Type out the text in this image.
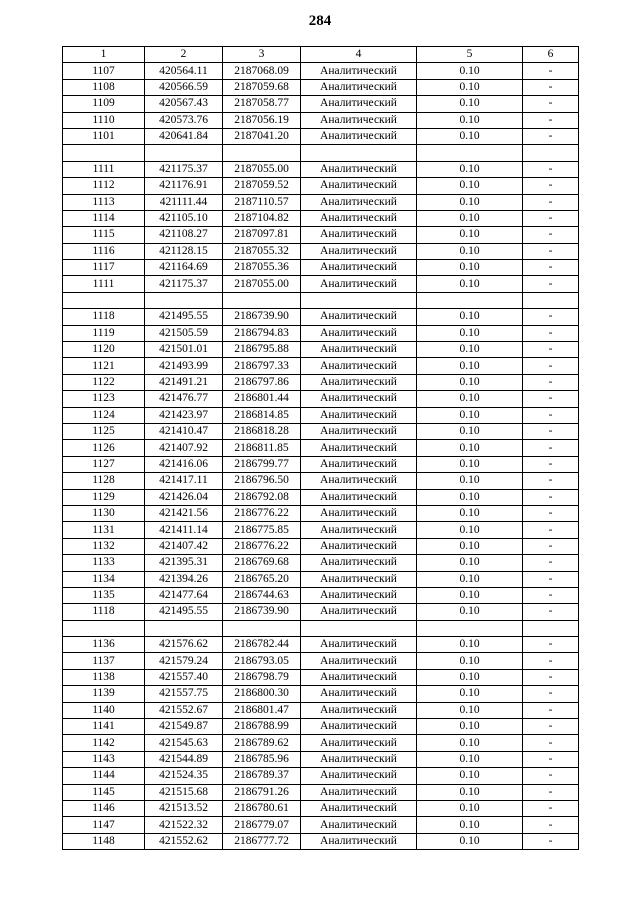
284
1	2	3	4	5	6
1107	420564.11	2187068.09	Аналитический	0.10	-
1108	420566.59	2187059.68	Аналитический	0.10	-
1109	420567.43	2187058.77	Аналитический	0.10	-
1110	420573.76	2187056.19	Аналитический	0.10	-
1101	420641.84	2187041.20	Аналитический	0.10	-

1111	421175.37	2187055.00	Аналитический	0.10	-
1112	421176.91	2187059.52	Аналитический	0.10	-
1113	421111.44	2187110.57	Аналитический	0.10	-
1114	421105.10	2187104.82	Аналитический	0.10	-
1115	421108.27	2187097.81	Аналитический	0.10	-
1116	421128.15	2187055.32	Аналитический	0.10	-
1117	421164.69	2187055.36	Аналитический	0.10	-
1111	421175.37	2187055.00	Аналитический	0.10	-

1118	421495.55	2186739.90	Аналитический	0.10	-
1119	421505.59	2186794.83	Аналитический	0.10	-
1120	421501.01	2186795.88	Аналитический	0.10	-
1121	421493.99	2186797.33	Аналитический	0.10	-
1122	421491.21	2186797.86	Аналитический	0.10	-
1123	421476.77	2186801.44	Аналитический	0.10	-
1124	421423.97	2186814.85	Аналитический	0.10	-
1125	421410.47	2186818.28	Аналитический	0.10	-
1126	421407.92	2186811.85	Аналитический	0.10	-
1127	421416.06	2186799.77	Аналитический	0.10	-
1128	421417.11	2186796.50	Аналитический	0.10	-
1129	421426.04	2186792.08	Аналитический	0.10	-
1130	421421.56	2186776.22	Аналитический	0.10	-
1131	421411.14	2186775.85	Аналитический	0.10	-
1132	421407.42	2186776.22	Аналитический	0.10	-
1133	421395.31	2186769.68	Аналитический	0.10	-
1134	421394.26	2186765.20	Аналитический	0.10	-
1135	421477.64	2186744.63	Аналитический	0.10	-
1118	421495.55	2186739.90	Аналитический	0.10	-

1136	421576.62	2186782.44	Аналитический	0.10	-
1137	421579.24	2186793.05	Аналитический	0.10	-
1138	421557.40	2186798.79	Аналитический	0.10	-
1139	421557.75	2186800.30	Аналитический	0.10	-
1140	421552.67	2186801.47	Аналитический	0.10	-
1141	421549.87	2186788.99	Аналитический	0.10	-
1142	421545.63	2186789.62	Аналитический	0.10	-
1143	421544.89	2186785.96	Аналитический	0.10	-
1144	421524.35	2186789.37	Аналитический	0.10	-
1145	421515.68	2186791.26	Аналитический	0.10	-
1146	421513.52	2186780.61	Аналитический	0.10	-
1147	421522.32	2186779.07	Аналитический	0.10	-
1148	421552.62	2186777.72	Аналитический	0.10	-
